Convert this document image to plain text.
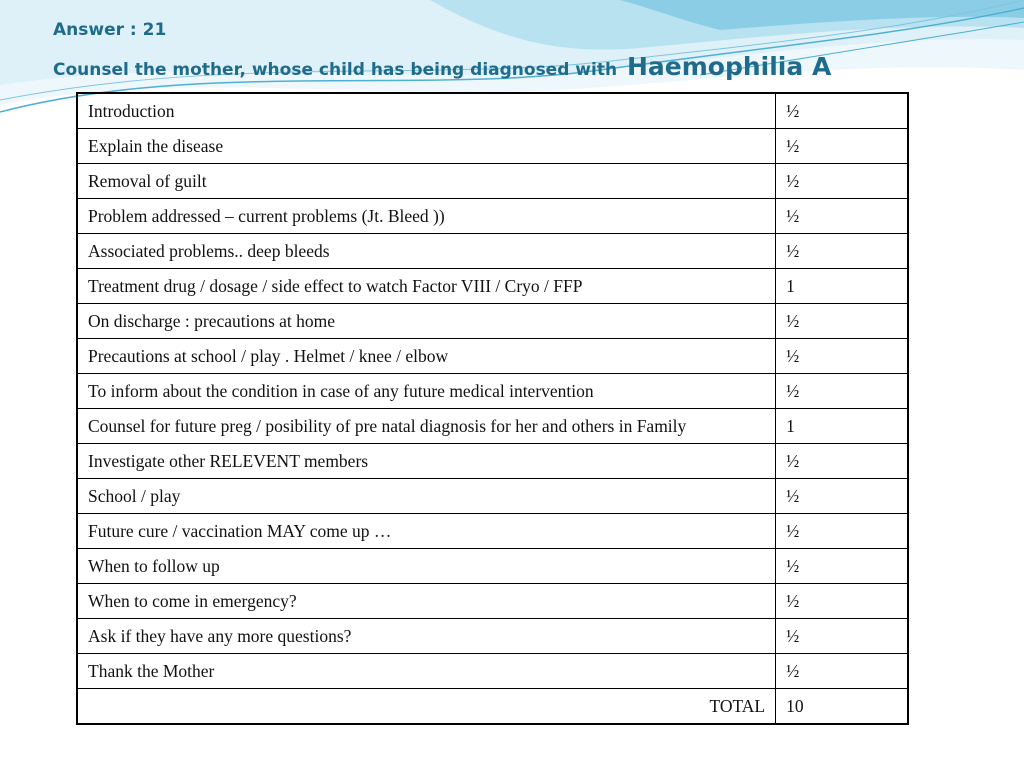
Answer : 21
Counsel the mother, whose child has being diagnosed with Haemophilia A
Introduction	½
Explain the disease	½
Removal of guilt	½
Problem addressed – current problems (Jt. Bleed ))	½
Associated problems.. deep bleeds	½
Treatment drug / dosage / side effect to watch Factor VIII / Cryo / FFP	1
On discharge : precautions at home	½
Precautions at school / play . Helmet / knee / elbow	½
To inform about the condition in case of any future medical intervention	½
Counsel for future preg / posibility of pre natal diagnosis for her and others in Family	1
Investigate other RELEVENT members	½
School / play	½
Future cure / vaccination MAY come up …	½
When to follow up	½
When to come in emergency?	½
Ask if they have any more questions?	½
Thank the Mother	½
TOTAL	10
